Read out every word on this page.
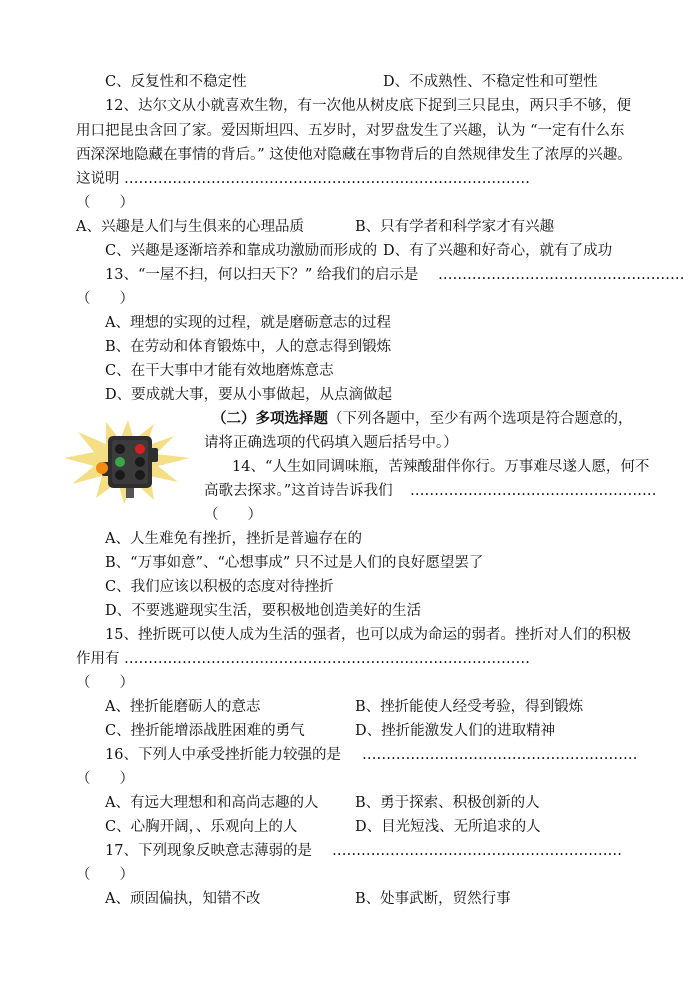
C、反复性和不稳定性	D、不成熟性、不稳定性和可塑性
12、达尔文从小就喜欢生物，有一次他从树皮底下捉到三只昆虫，两只手不够，便
用口把昆虫含回了家。爱因斯坦四、五岁时，对罗盘发生了兴趣，认为 “一定有什么东
西深深地隐藏在事情的背后。” 这使他对隐藏在事物背后的自然规律发生了浓厚的兴趣。
这说明 …………………………………………………………………………
（　　）
A、兴趣是人们与生俱来的心理品质	B、只有学者和科学家才有兴趣
C、兴趣是逐渐培养和靠成功激励而形成的 D、有了兴趣和好奇心，就有了成功
13、“一屋不扫，何以扫天下？” 给我们的启示是 ……………………………………………
（　　）
A、理想的实现的过程，就是磨砺意志的过程
B、在劳动和体育锻炼中，人的意志得到锻炼
C、在干大事中才能有效地磨炼意志
D、要成就大事，要从小事做起，从点滴做起
（二）多项选择题（下列各题中，至少有两个选项是符合题意的，
请将正确选项的代码填入题后括号中。）
14、“人生如同调味瓶，苦辣酸甜伴你行。万事难尽遂人愿，何不
高歌去探求。”这首诗告诉我们 ……………………………………………
（　　）
A、人生难免有挫折，挫折是普遍存在的
B、“万事如意”、“心想事成” 只不过是人们的良好愿望罢了
C、我们应该以积极的态度对待挫折
D、不要逃避现实生活，要积极地创造美好的生活
15、挫折既可以使人成为生活的强者，也可以成为命运的弱者。挫折对人们的积极
作用有 …………………………………………………………………………
（　　）
A、挫折能磨砺人的意志	B、挫折能使人经受考验，得到锻炼
C、挫折能增添战胜困难的勇气	D、挫折能激发人们的进取精神
16、下列人中承受挫折能力较强的是 …………………………………………………
（　　）
A、有远大理想和和高尚志趣的人	B、勇于探索、积极创新的人
C、心胸开阔，、乐观向上的人	D、目光短浅、无所追求的人
17、下列现象反映意志薄弱的是 ……………………………………………………
（　　）
A、顽固偏执，知错不改	B、处事武断，贸然行事
